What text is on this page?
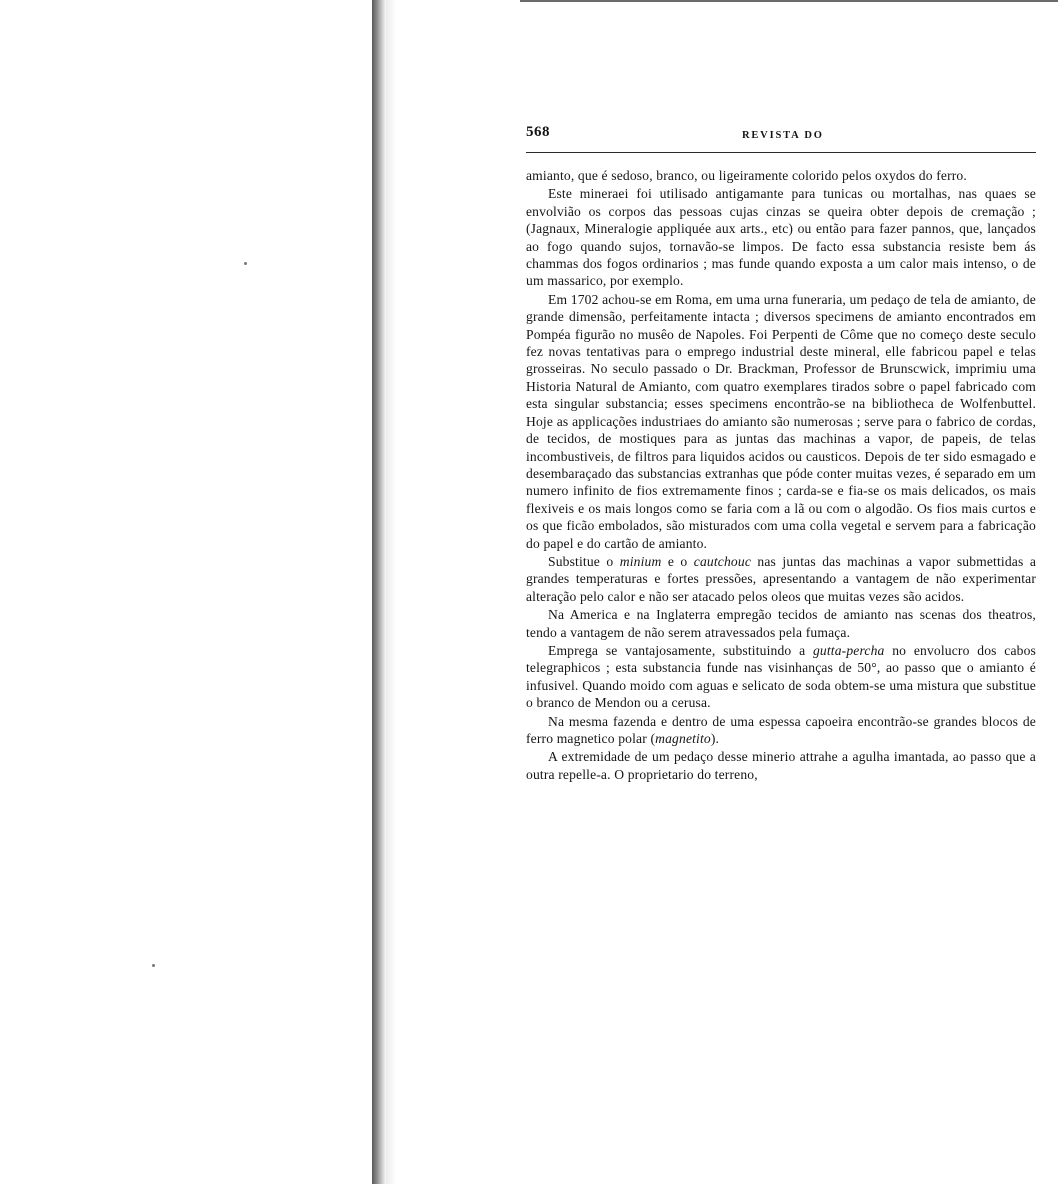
568	REVISTA DO

amianto, que é sedoso, branco, ou ligeiramente colorido pelos oxydos do ferro.

Este mineraei foi utilisado antigamante para tunicas ou mortalhas, nas quaes se envolvião os corpos das pessoas cujas cinzas se queira obter depois de cremação ; (Jagnaux, Mineralogie appliquée aux arts., etc) ou então para fazer pannos, que, lançados ao fogo quando sujos, tornavão-se limpos. De facto essa substancia resiste bem ás chammas dos fogos ordinarios ; mas funde quando exposta a um calor mais intenso, o de um massarico, por exemplo.

Em 1702 achou-se em Roma, em uma urna funeraria, um pedaço de tela de amianto, de grande dimensão, perfeitamente intacta ; diversos specimens de amianto encontrados em Pompéa figurão no musêo de Napoles. Foi Perpenti de Côme que no começo deste seculo fez novas tentativas para o emprego industrial deste mineral, elle fabricou papel e telas grosseiras. No seculo passado o Dr. Brackman, Professor de Brunscwick, imprimiu uma Historia Natural de Amianto, com quatro exemplares tirados sobre o papel fabricado com esta singular substancia; esses specimens encontrão-se na bibliotheca de Wolfenbuttel. Hoje as applicações industriaes do amianto são numerosas ; serve para o fabrico de cordas, de tecidos, de mostiques para as juntas das machinas a vapor, de papeis, de telas incombustiveis, de filtros para liquidos acidos ou causticos. Depois de ter sido esmagado e desembaraçado das substancias extranhas que póde conter muitas vezes, é separado em um numero infinito de fios extremamente finos ; carda-se e fia-se os mais delicados, os mais flexiveis e os mais longos como se faria com a lã ou com o algodão. Os fios mais curtos e os que ficão embolados, são misturados com uma colla vegetal e servem para a fabricação do papel e do cartão de amianto.

Substitue o minium e o cautchouc nas juntas das machinas a vapor submettidas a grandes temperaturas e fortes pressões, apresentando a vantagem de não experimentar alteração pelo calor e não ser atacado pelos oleos que muitas vezes são acidos.

Na America e na Inglaterra empregão tecidos de amianto nas scenas dos theatros, tendo a vantagem de não serem atravessados pela fumaça.

Emprega se vantajosamente, substituindo a gutta-percha no envolucro dos cabos telegraphicos ; esta substancia funde nas visinhanças de 50°, ao passo que o amianto é infusivel. Quando moido com aguas e selicato de soda obtem-se uma mistura que substitue o branco de Mendon ou a cerusa.

Na mesma fazenda e dentro de uma espessa capoeira encontrão-se grandes blocos de ferro magnetico polar (magnetito).

A extremidade de um pedaço desse minerio attrahe a agulha imantada, ao passo que a outra repelle-a. O proprietario do terreno,
